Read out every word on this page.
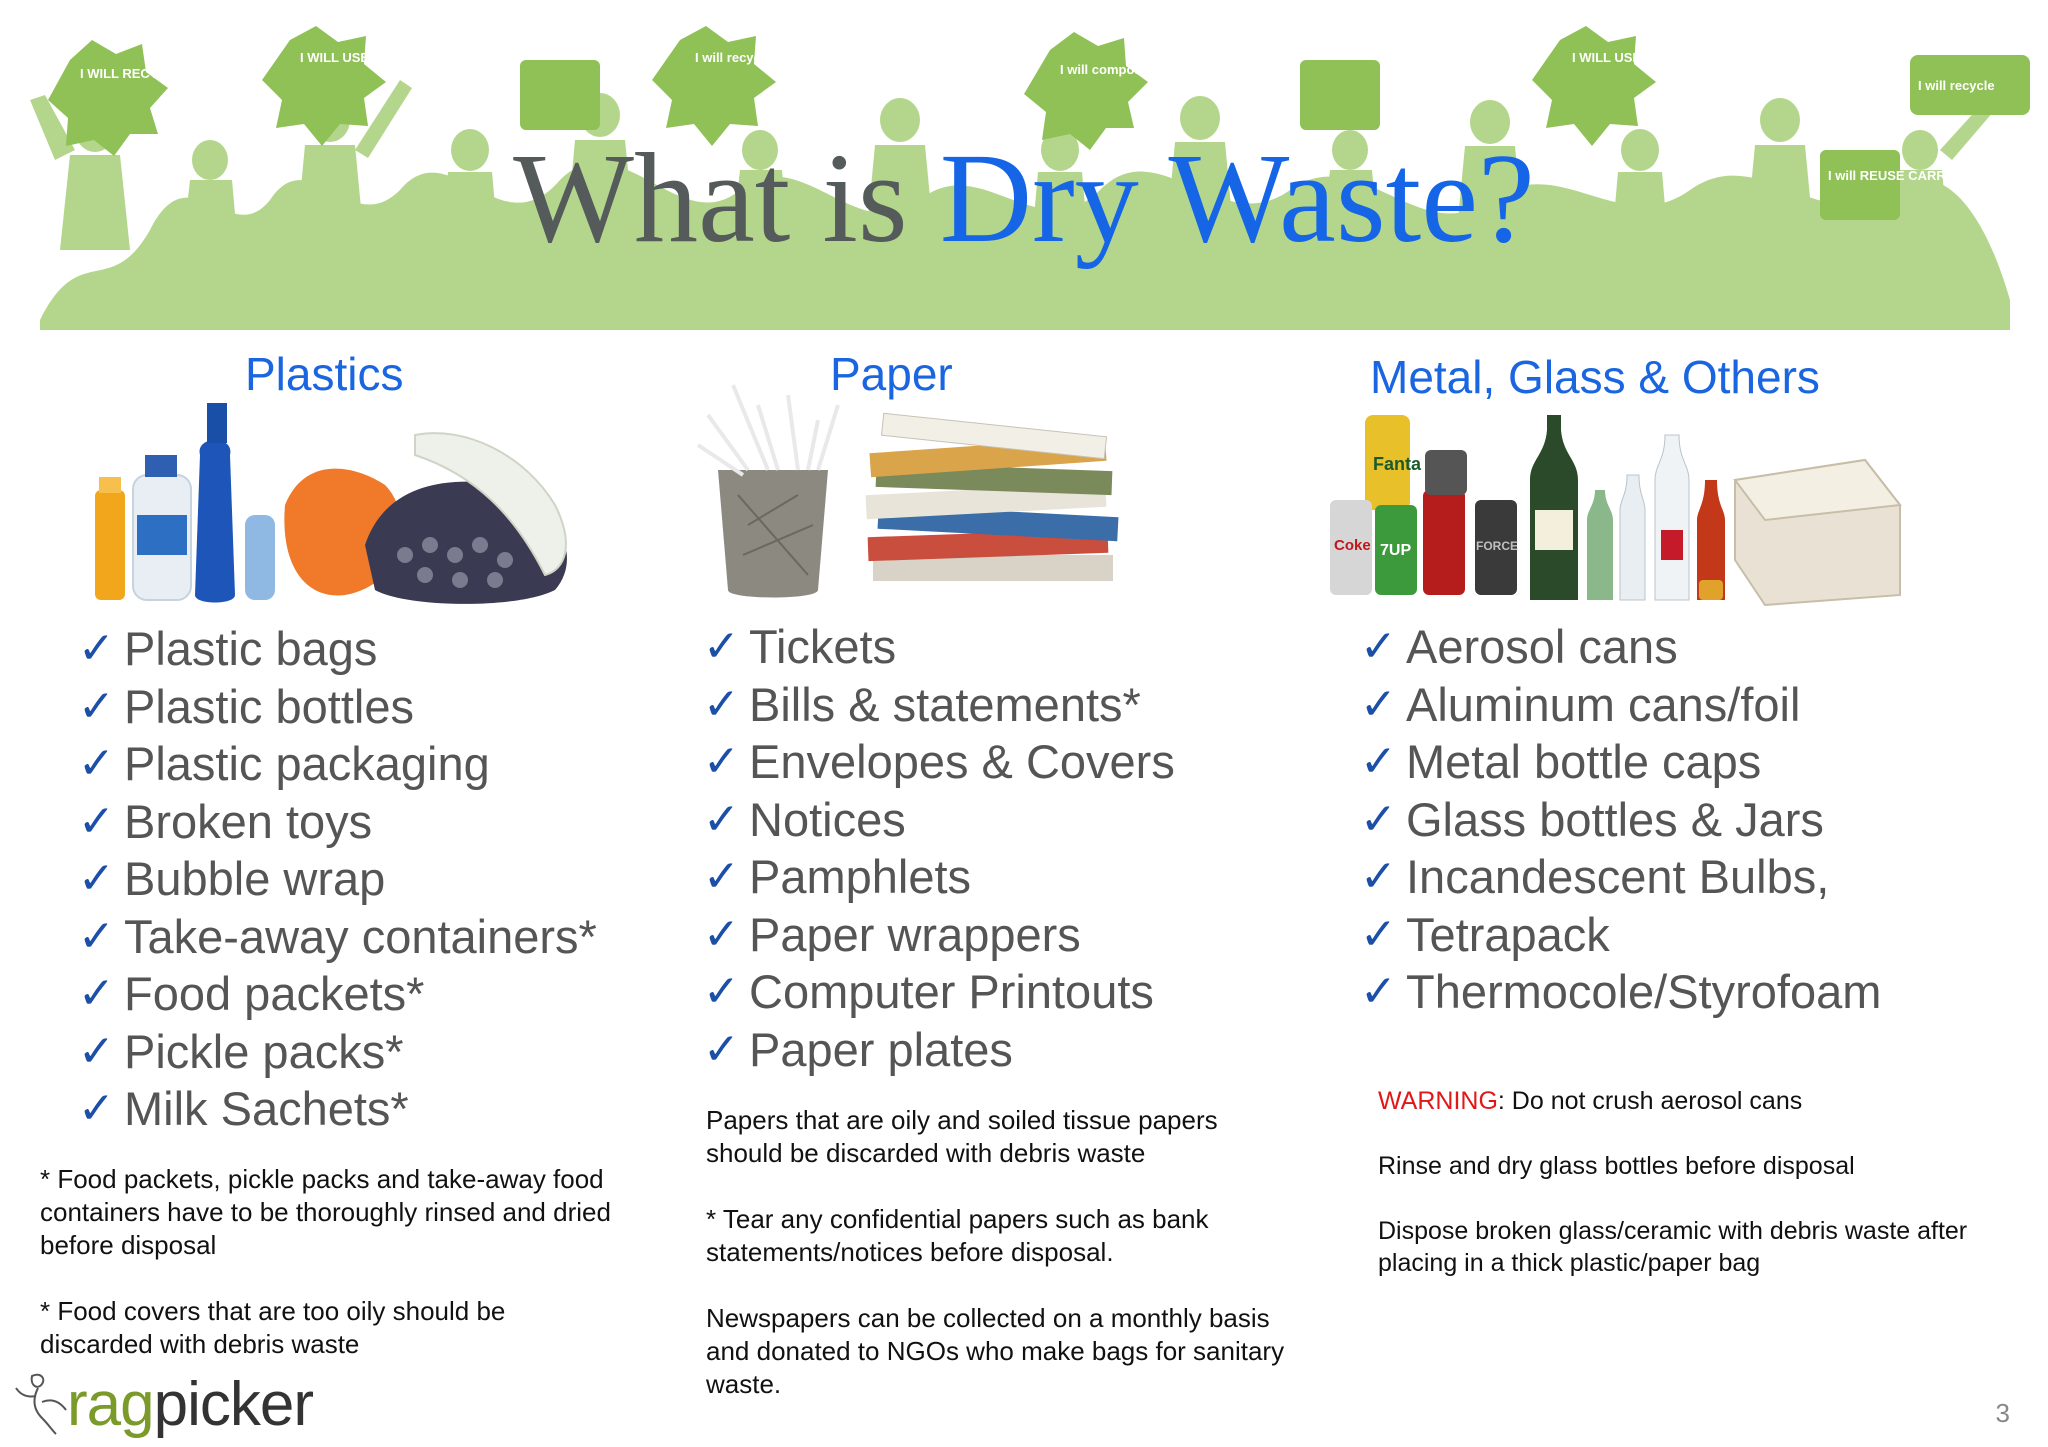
I WILL RECYCLE GLASS
I WILL USE MY LEFTOVERS	I will recycle
I will compost
I WILL USE MY LEFTOVERS
I will REUSE CARRIER BAGS
I will recycle
What is Dry Waste?
Plastics	Paper	Metal, Glass & Others
Fanta
Coke 7UP	FORCE
✓ Plastic bags
✓ Plastic bottles
✓ Plastic packaging
✓ Broken toys
✓ Bubble wrap
✓ Take-away containers*
✓ Food packets*
✓ Pickle packs*
✓ Milk Sachets*
✓ Tickets
✓ Bills & statements*
✓ Envelopes & Covers
✓ Notices
✓ Pamphlets
✓ Paper wrappers
✓ Computer Printouts
✓ Paper plates
✓ Aerosol cans
✓ Aluminum cans/foil
✓ Metal bottle caps
✓ Glass bottles & Jars
✓ Incandescent Bulbs,
✓ Tetrapack
✓ Thermocole/Styrofoam

* Food packets, pickle packs and take-away food containers have to be thoroughly rinsed and dried before disposal

* Food covers that are too oily should be discarded with debris waste

Papers that are oily and soiled tissue papers should be discarded with debris waste

* Tear any confidential papers such as bank statements/notices before disposal.

Newspapers can be collected on a monthly basis and donated to NGOs who make bags for sanitary waste.

WARNING: Do not crush aerosol cans

Rinse and dry glass bottles before disposal

Dispose broken glass/ceramic with debris waste after placing in a thick plastic/paper bag

ragpicker	3
